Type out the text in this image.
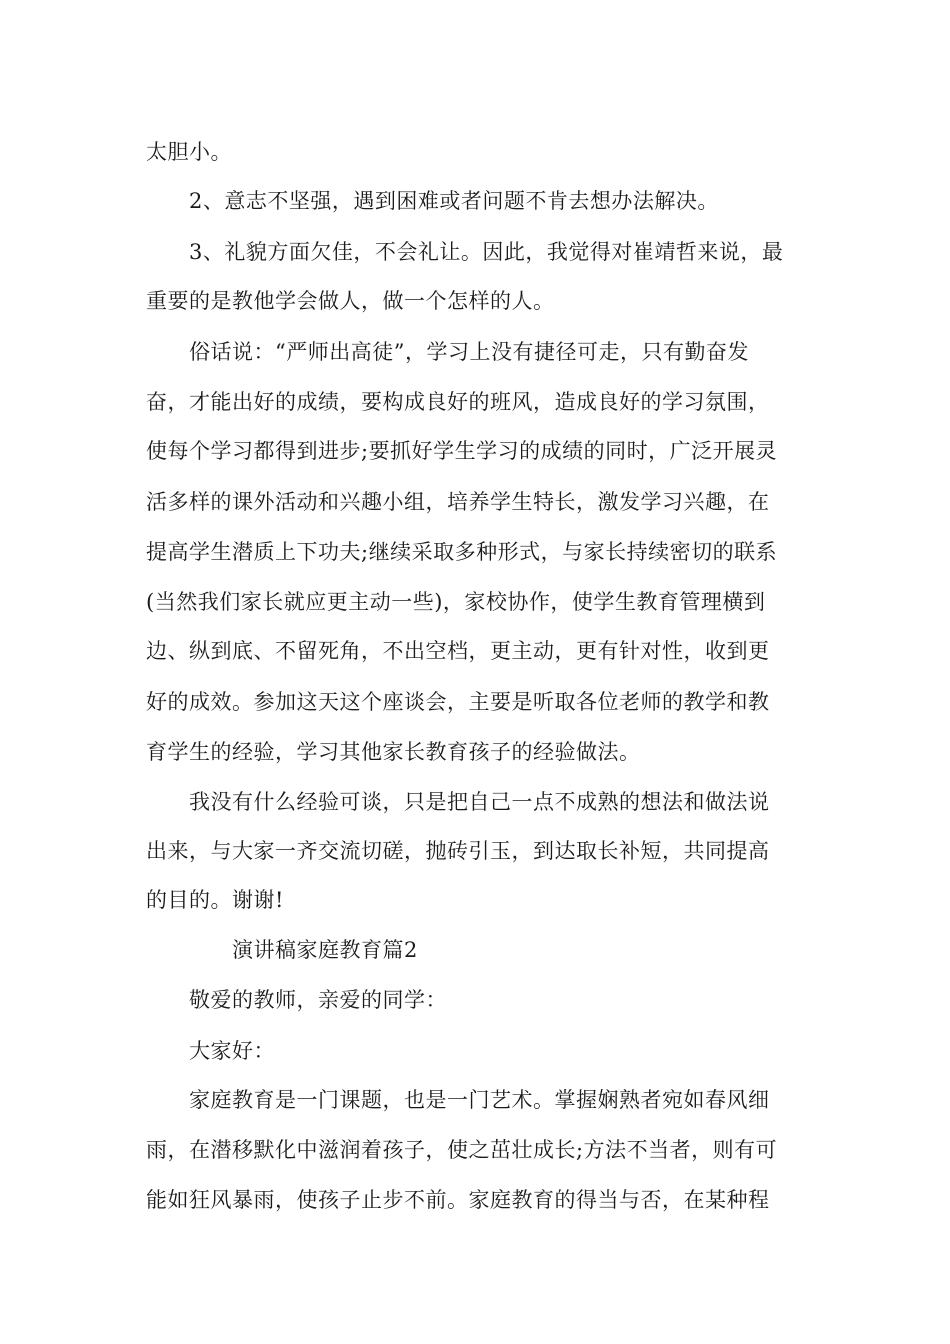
太胆小。
2、意志不坚强，遇到困难或者问题不肯去想办法解决。
3、礼貌方面欠佳，不会礼让。因此，我觉得对崔靖哲来说，最
重要的是教他学会做人，做一个怎样的人。
俗话说：“严师出高徒”，学习上没有捷径可走，只有勤奋发
奋，才能出好的成绩，要构成良好的班风，造成良好的学习氛围，
使每个学习都得到进步;要抓好学生学习的成绩的同时，广泛开展灵
活多样的课外活动和兴趣小组，培养学生特长，激发学习兴趣，在
提高学生潜质上下功夫;继续采取多种形式，与家长持续密切的联系
(当然我们家长就应更主动一些)，家校协作，使学生教育管理横到
边、纵到底、不留死角，不出空档，更主动，更有针对性，收到更
好的成效。参加这天这个座谈会，主要是听取各位老师的教学和教
育学生的经验，学习其他家长教育孩子的经验做法。
我没有什么经验可谈，只是把自己一点不成熟的想法和做法说
出来，与大家一齐交流切磋，抛砖引玉，到达取长补短，共同提高
的目的。谢谢!
演讲稿家庭教育篇2
敬爱的教师，亲爱的同学：
大家好：
家庭教育是一门课题，也是一门艺术。掌握娴熟者宛如春风细
雨，在潜移默化中滋润着孩子，使之茁壮成长;方法不当者，则有可
能如狂风暴雨，使孩子止步不前。家庭教育的得当与否，在某种程
